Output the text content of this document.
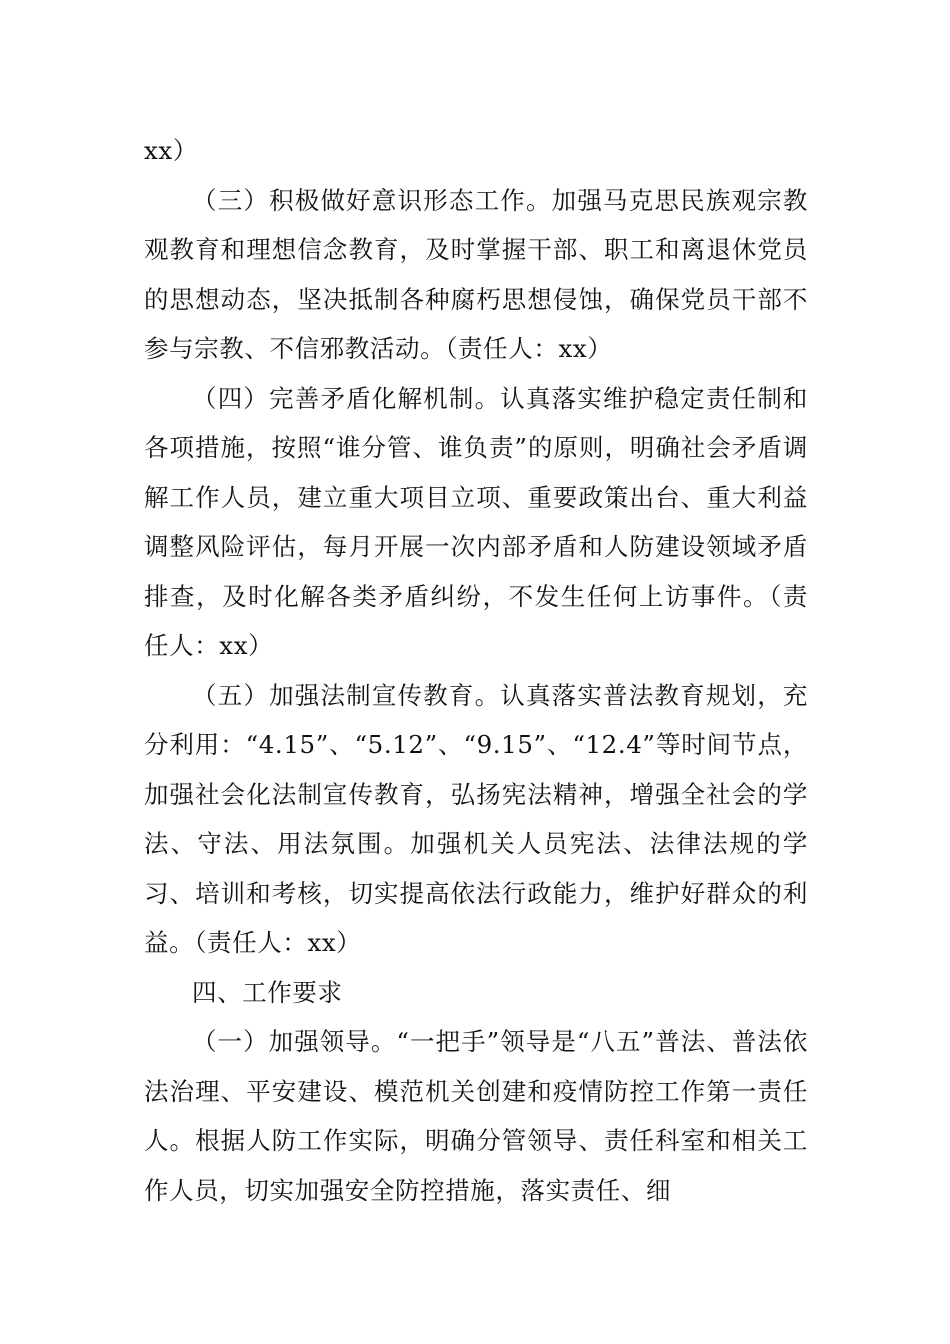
xx）

（三）积极做好意识形态工作。加强马克思民族观宗教观教育和理想信念教育，及时掌握干部、职工和离退休党员的思想动态，坚决抵制各种腐朽思想侵蚀，确保党员干部不参与宗教、不信邪教活动。（责任人：xx）

（四）完善矛盾化解机制。认真落实维护稳定责任制和各项措施，按照“谁分管、谁负责”的原则，明确社会矛盾调解工作人员，建立重大项目立项、重要政策出台、重大利益调整风险评估，每月开展一次内部矛盾和人防建设领域矛盾排查，及时化解各类矛盾纠纷，不发生任何上访事件。（责任人：xx）

（五）加强法制宣传教育。认真落实普法教育规划，充分利用：“4.15”、“5.12”、“9.15”、“12.4”等时间节点，加强社会化法制宣传教育，弘扬宪法精神，增强全社会的学法、守法、用法氛围。加强机关人员宪法、法律法规的学习、培训和考核，切实提高依法行政能力，维护好群众的利益。（责任人：xx）

四、工作要求

（一）加强领导。“一把手”领导是“八五”普法、普法依法治理、平安建设、模范机关创建和疫情防控工作第一责任人。根据人防工作实际，明确分管领导、责任科室和相关工作人员，切实加强安全防控措施，落实责任、细
